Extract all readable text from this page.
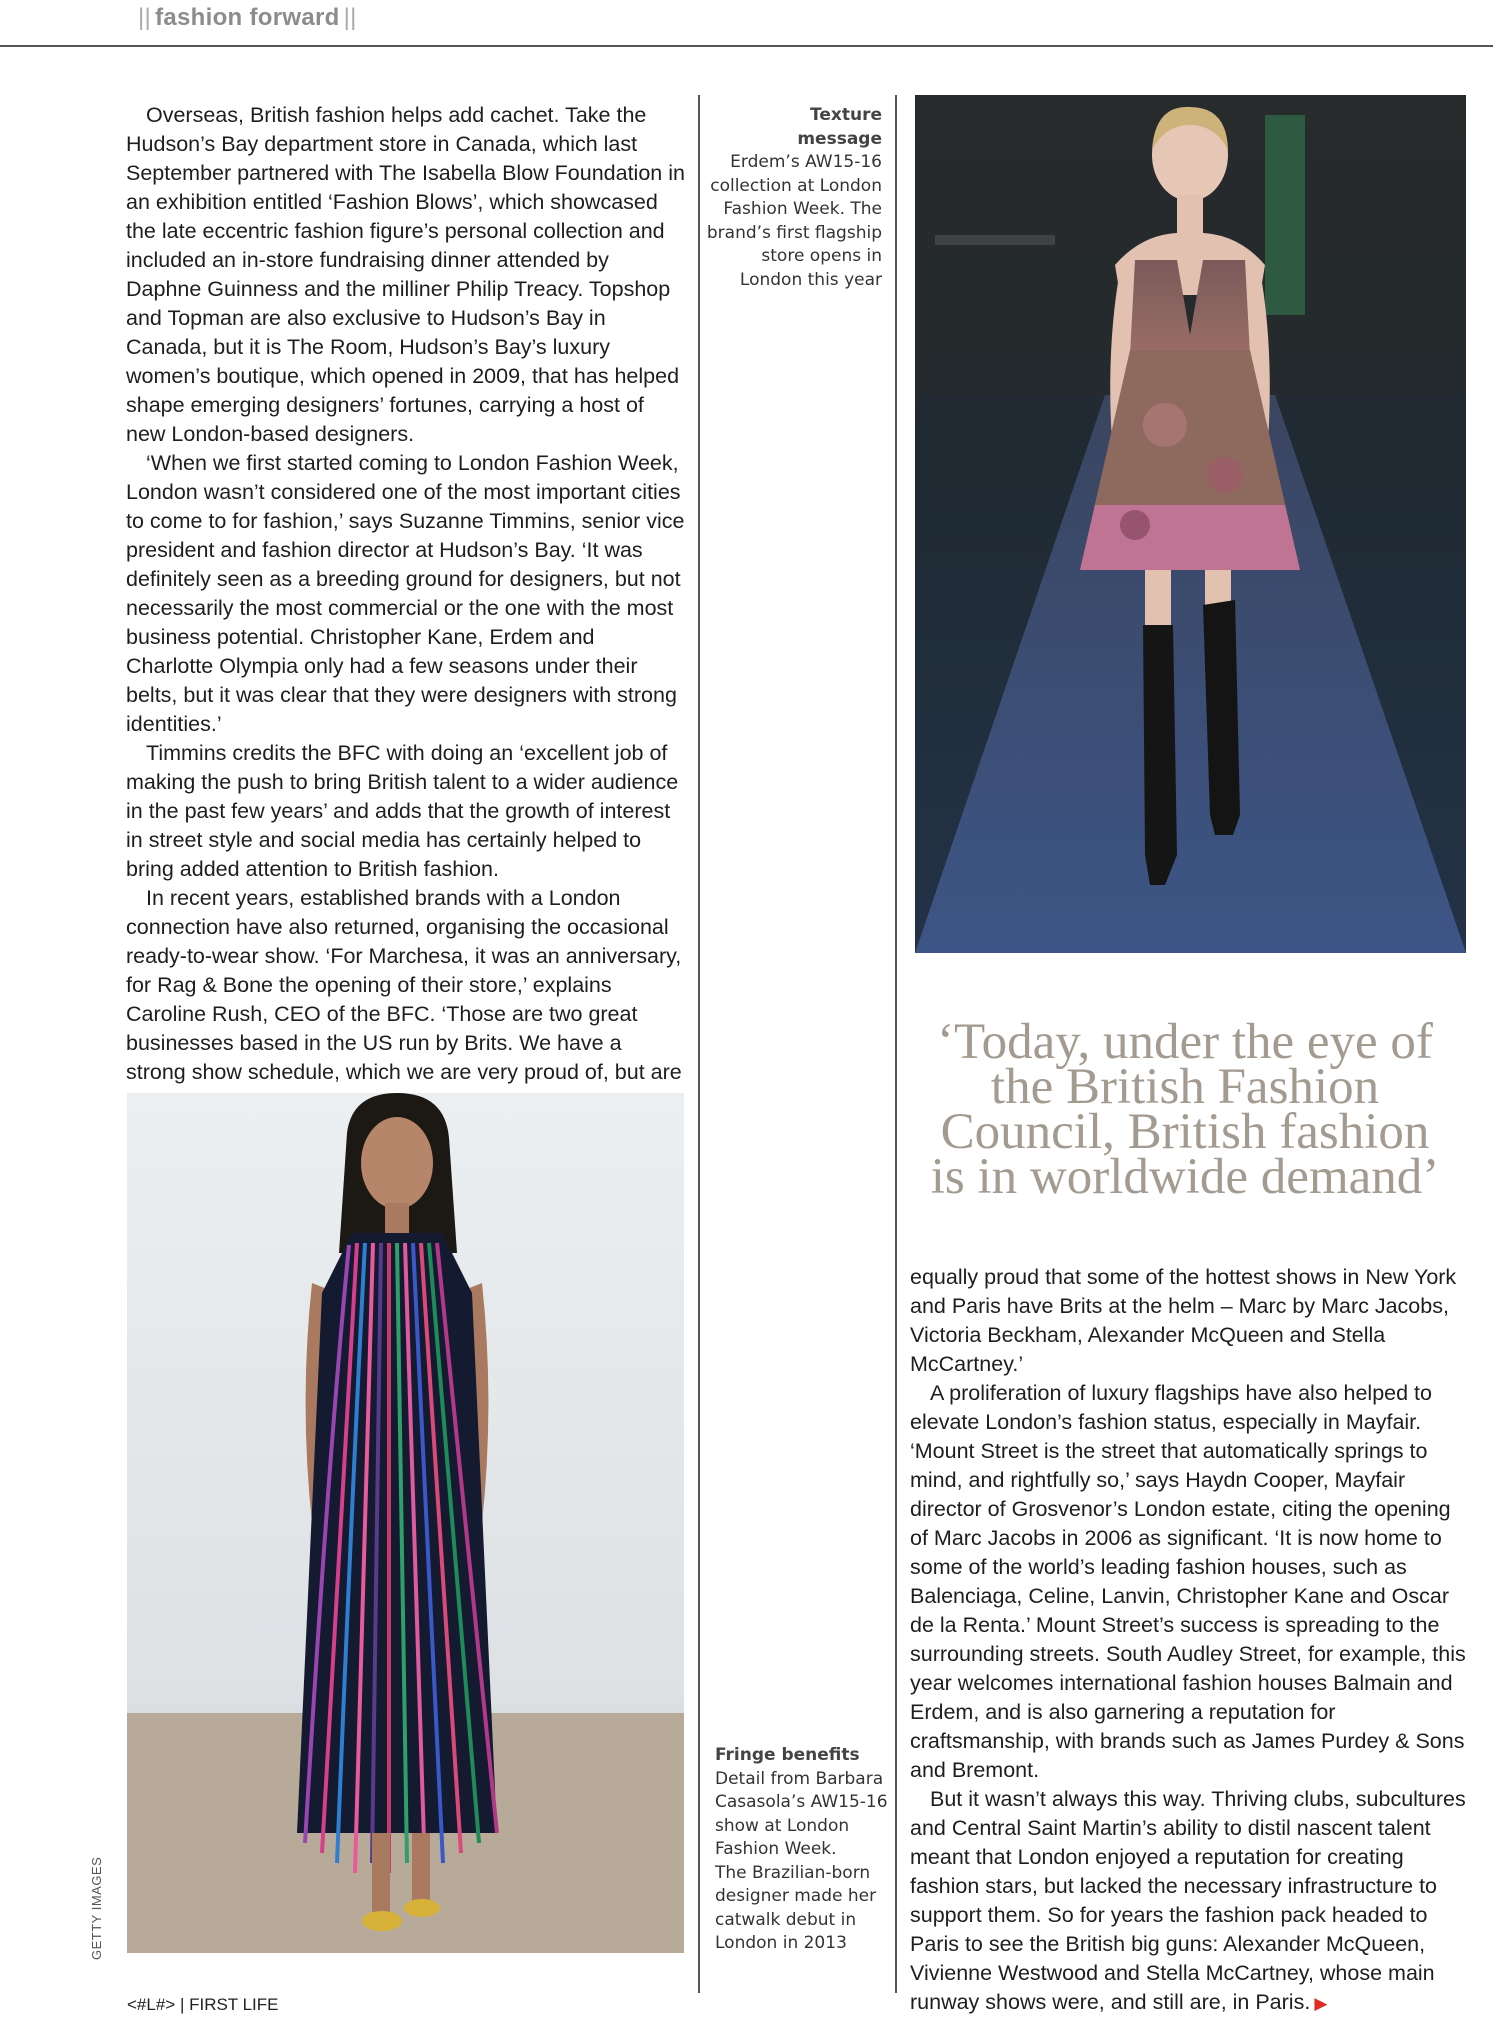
|| fashion forward ||

Overseas, British fashion helps add cachet. Take the Hudson’s Bay department store in Canada, which last September partnered with The Isabella Blow Foundation in an exhibition entitled ‘Fashion Blows’, which showcased the late eccentric fashion figure’s personal collection and included an in-store fundraising dinner attended by Daphne Guinness and the milliner Philip Treacy. Topshop and Topman are also exclusive to Hudson’s Bay in Canada, but it is The Room, Hudson’s Bay’s luxury women’s boutique, which opened in 2009, that has helped shape emerging designers’ fortunes, carrying a host of new London-based designers.

‘When we first started coming to London Fashion Week, London wasn’t considered one of the most important cities to come to for fashion,’ says Suzanne Timmins, senior vice president and fashion director at Hudson’s Bay. ‘It was definitely seen as a breeding ground for designers, but not necessarily the most commercial or the one with the most business potential. Christopher Kane, Erdem and Charlotte Olympia only had a few seasons under their belts, but it was clear that they were designers with strong identities.’

Timmins credits the BFC with doing an ‘excellent job of making the push to bring British talent to a wider audience in the past few years’ and adds that the growth of interest in street style and social media has certainly helped to bring added attention to British fashion.

In recent years, established brands with a London connection have also returned, organising the occasional ready-to-wear show. ‘For Marchesa, it was an anniversary, for Rag & Bone the opening of their store,’ explains Caroline Rush, CEO of the BFC. ‘Those are two great businesses based in the US run by Brits. We have a strong show schedule, which we are very proud of, but are

Texture
message
Erdem’s AW15-16
collection at London
Fashion Week. The
brand’s first flagship
store opens in
London this year
‘Today, under the eye of
the British Fashion
Council, British fashion
is in worldwide demand’
Fringe benefits
Detail from Barbara
Casasola’s AW15-16
show at London
Fashion Week.
The Brazilian-born
designer made her
catwalk debut in
London in 2013

equally proud that some of the hottest shows in New York and Paris have Brits at the helm – Marc by Marc Jacobs, Victoria Beckham, Alexander McQueen and Stella McCartney.’

A proliferation of luxury flagships have also helped to elevate London’s fashion status, especially in Mayfair. ‘Mount Street is the street that automatically springs to mind, and rightfully so,’ says Haydn Cooper, Mayfair director of Grosvenor’s London estate, citing the opening of Marc Jacobs in 2006 as significant. ‘It is now home to some of the world’s leading fashion houses, such as Balenciaga, Celine, Lanvin, Christopher Kane and Oscar de la Renta.’ Mount Street’s success is spreading to the surrounding streets. South Audley Street, for example, this year welcomes international fashion houses Balmain and Erdem, and is also garnering a reputation for craftsmanship, with brands such as James Purdey & Sons and Bremont.

But it wasn’t always this way. Thriving clubs, subcultures and Central Saint Martin’s ability to distil nascent talent meant that London enjoyed a reputation for creating fashion stars, but lacked the necessary infrastructure to support them. So for years the fashion pack headed to Paris to see the British big guns: Alexander McQueen, Vivienne Westwood and Stella McCartney, whose main runway shows were, and still are, in Paris. ▶

GETTY IMAGES
<#L#> | FIRST LIFE
